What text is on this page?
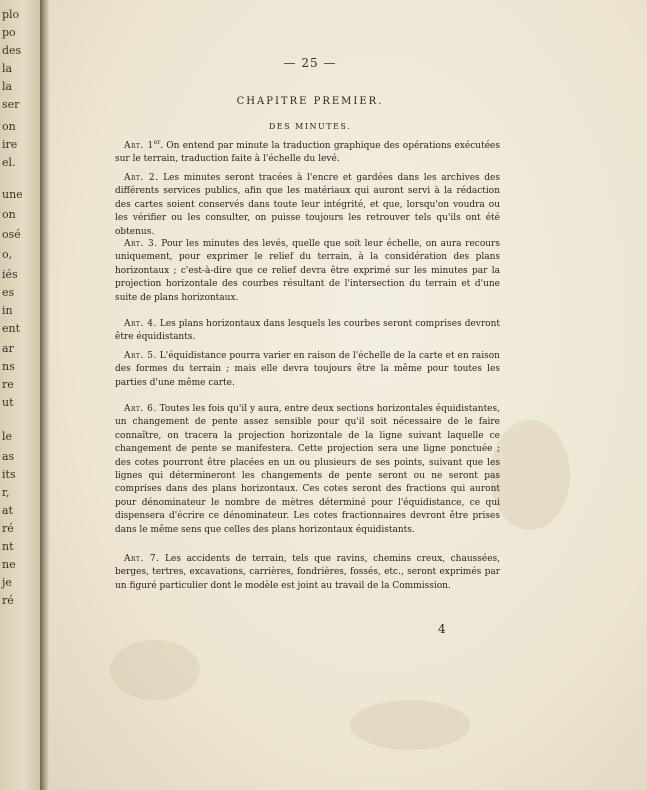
plo
po
des
la
la
ser
on
ire
el.
une
on
osé
o,
iés
es
in
ent
ar
ns
re
ut
le
as
its
r,
at
ré
nt
ne
je
ré
— 25 —
CHAPITRE PREMIER.
DES MINUTES.

 Art. 1er. On entend par minute la traduction graphique des opérations exécutées sur le terrain, traduction faite à l'échelle du levé.

 Art. 2. Les minutes seront tracées à l'encre et gardées dans les archives des différents services publics, afin que les matériaux qui auront servi à la rédaction des cartes soient conservés dans toute leur intégrité, et que, lorsqu'on voudra ou les vérifier ou les consulter, on puisse toujours les retrouver tels qu'ils ont été obtenus.

 Art. 3. Pour les minutes des levés, quelle que soit leur échelle, on aura recours uniquement, pour exprimer le relief du terrain, à la considération des plans horizontaux ; c'est-à-dire que ce relief devra être exprimé sur les minutes par la projection horizontale des courbes résultant de l'intersection du terrain et d'une suite de plans horizontaux.

 Art. 4. Les plans horizontaux dans lesquels les courbes seront comprises devront être équidistants.

 Art. 5. L'équidistance pourra varier en raison de l'échelle de la carte et en raison des formes du terrain ; mais elle devra toujours être la même pour toutes les parties d'une même carte.

 Art. 6. Toutes les fois qu'il y aura, entre deux sections horizontales équidistantes, un changement de pente assez sensible pour qu'il soit nécessaire de le faire connaître, on tracera la projection horizontale de la ligne suivant laquelle ce changement de pente se manifestera. Cette projection sera une ligne ponctuée ; des cotes pourront être placées en un ou plusieurs de ses points, suivant que les lignes qui détermineront les changements de pente seront ou ne seront pas comprises dans des plans horizontaux. Ces cotes seront des fractions qui auront pour dénominateur le nombre de mètres déterminé pour l'équidistance, ce qui dispensera d'écrire ce dénominateur. Les cotes fractionnaires devront être prises dans le même sens que celles des plans horizontaux équidistants.

 Art. 7. Les accidents de terrain, tels que ravins, chemins creux, chaussées, berges, tertres, excavations, carrières, fondrières, fossés, etc., seront exprimés par un figuré particulier dont le modèle est joint au travail de la Commission.

4
